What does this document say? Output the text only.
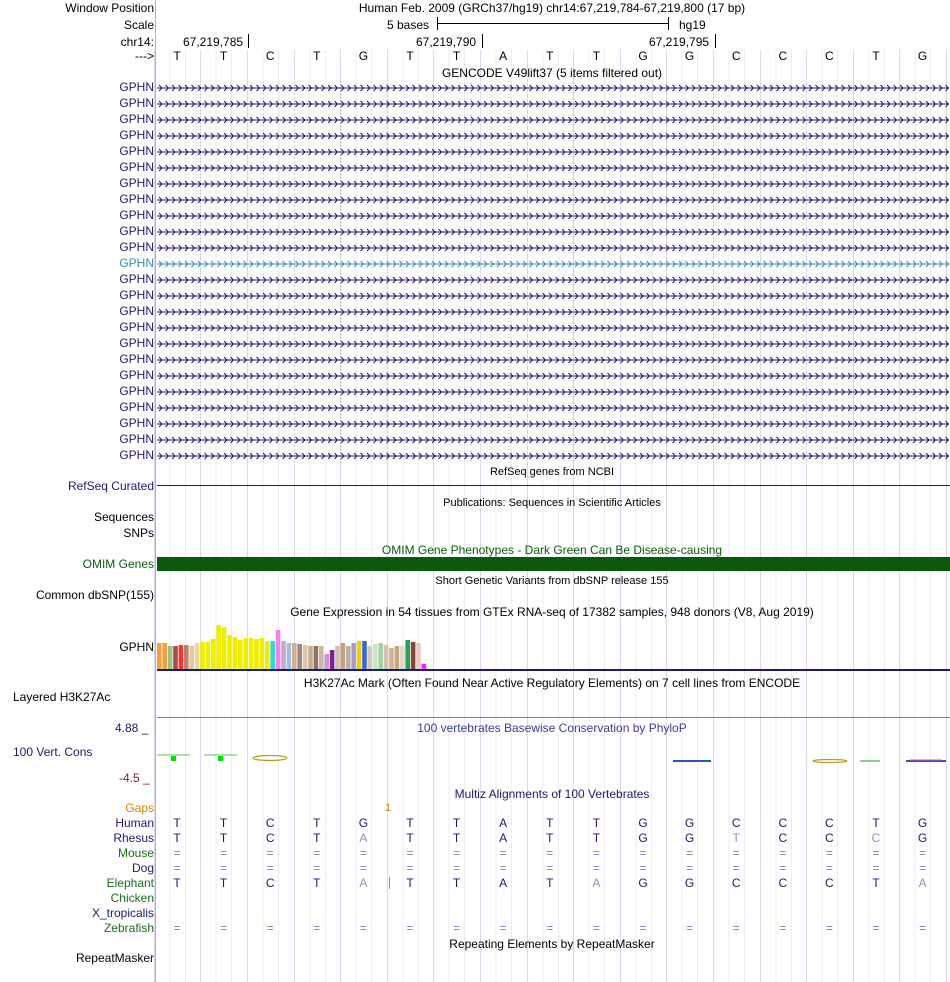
Window Position	Human Feb. 2009 (GRCh37/hg19) chr14:67,219,784-67,219,800 (17 bp)
Scale	5 bases	hg19
chr14: 67,219,785	67,219,790	67,219,795
---> T	T	C	T	G	T	T	A	T	T	G	G	C	C	C	T	G
GENCODE V49lift37 (5 items filtered out)
GPHN
GPHN
GPHN
GPHN
GPHN
GPHN
GPHN
GPHN
GPHN
GPHN
GPHN
GPHN
GPHN
GPHN
GPHN
GPHN
GPHN
GPHN
GPHN
GPHN
GPHN
GPHN
GPHN
GPHN
RefSeq genes from NCBI
RefSeq Curated
Publications: Sequences in Scientific Articles
Sequences
SNPs
OMIM Gene Phenotypes - Dark Green Can Be Disease-causing
OMIM Genes
Short Genetic Variants from dbSNP release 155
Common dbSNP(155)
Gene Expression in 54 tissues from GTEx RNA-seq of 17382 samples, 948 donors (V8, Aug 2019)
GPHN
H3K27Ac Mark (Often Found Near Active Regulatory Elements) on 7 cell lines from ENCODE
Layered H3K27Ac
4.88 _	100 vertebrates Basewise Conservation by PhyloP
100 Vert. Cons
-4.5 _
Multiz Alignments of 100 Vertebrates
Gaps	1
Human T	T	C	T	G	T	T	A	T	T	G	G	C	C	C	T	G
Rhesus T	T	C	T	A	T	T	A	T	T	G	G	T	C	C	C	G
Mouse =	=	=	=	=	=	=	=	=	=	=	=	=	=	=	=	=
Dog =	=	=	=	=	=	=	=	=	=	=	=	=	=	=	=	=
Elephant T	T	C	T	A	T	T	A	T	A	G	G	C	C	C	T	A
Chicken
X_tropicalis
Zebrafish =	=	=	=	=	=	=	=	=	=	=	=	=	=	=	=	=
Repeating Elements by RepeatMasker
RepeatMasker
